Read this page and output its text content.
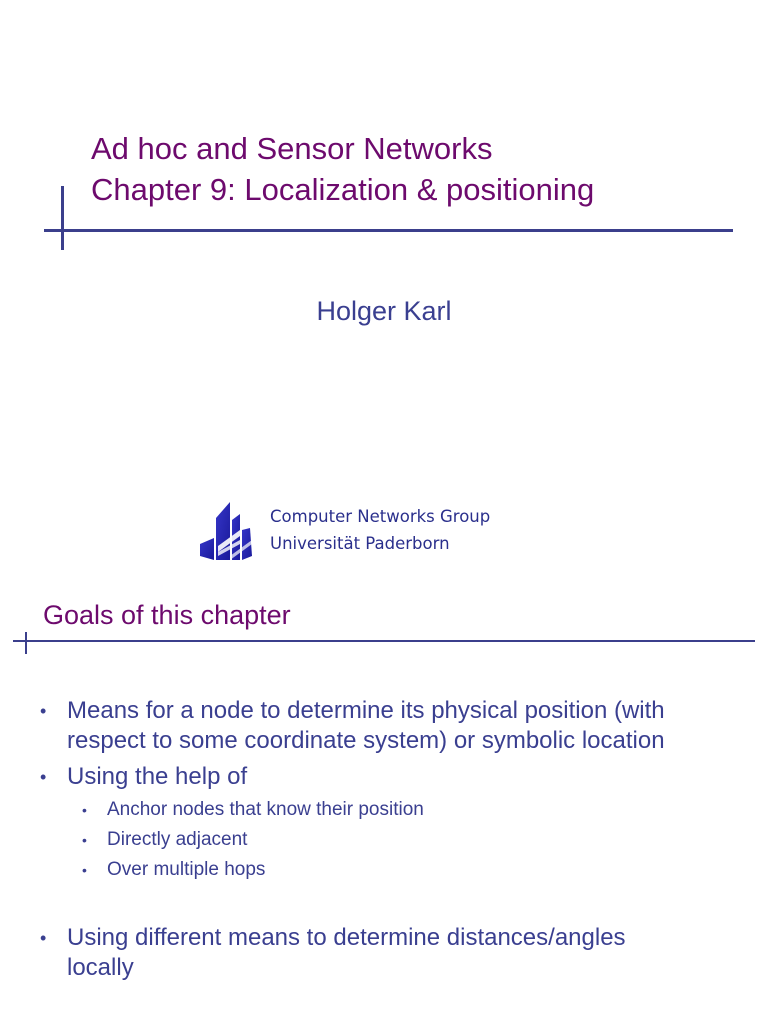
Ad hoc and Sensor Networks
Chapter 9: Localization & positioning
Holger Karl
Computer Networks Group
Universität Paderborn
Goals of this chapter
• Means for a node to determine its physical position (with
respect to some coordinate system) or symbolic location
• Using the help of
• Anchor nodes that know their position
• Directly adjacent
• Over multiple hops
• Using different means to determine distances/angles
locally
